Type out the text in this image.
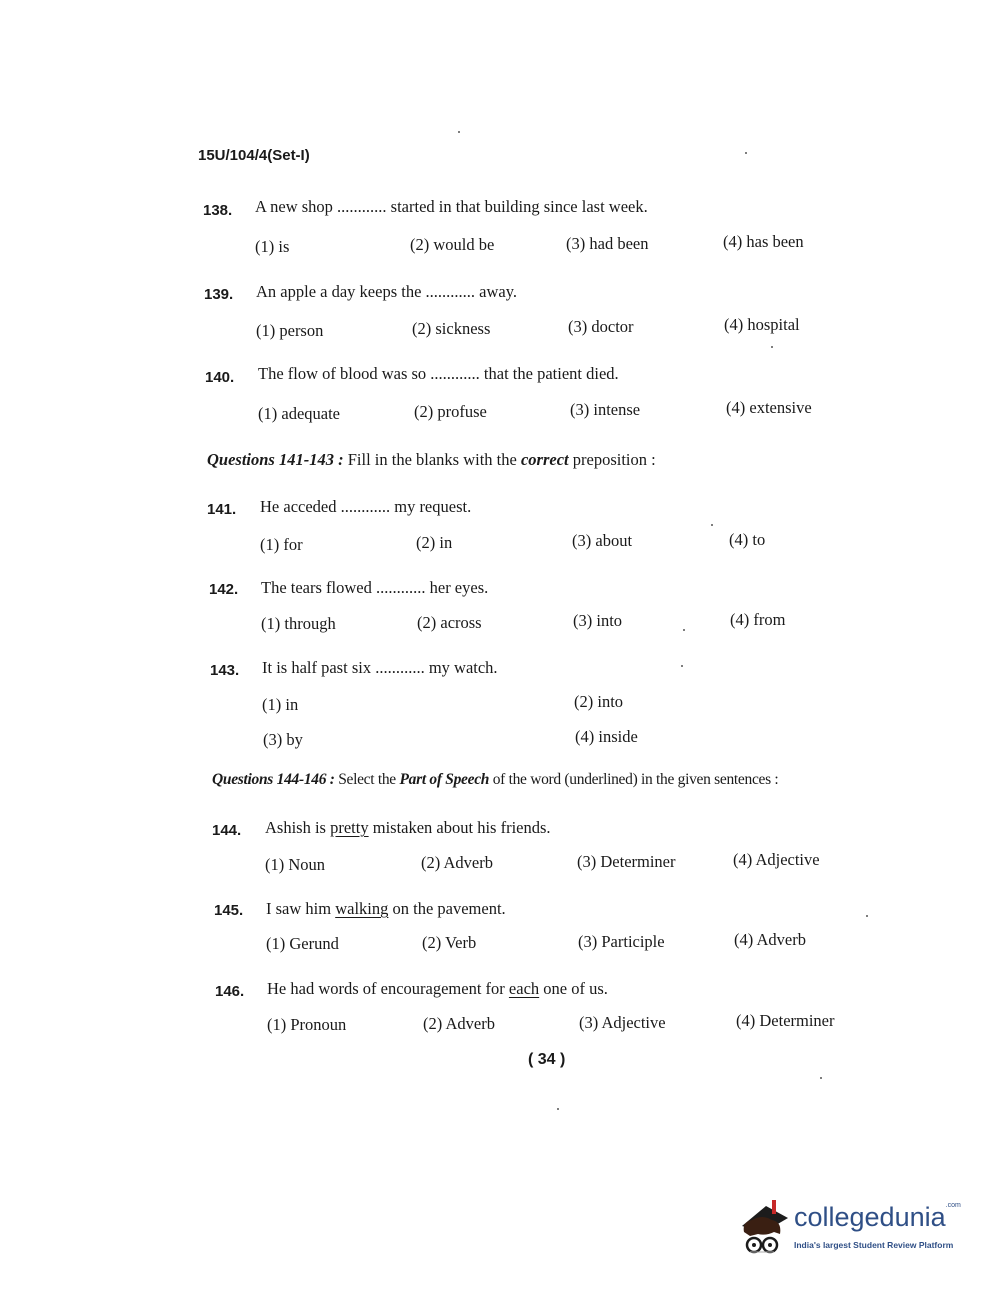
15U/104/4(Set-I)
138. A new shop ............ started in that building since last week.
(1) is	(2) would be	(3) had been	(4) has been
139. An apple a day keeps the ............ away.
(1) person	(2) sickness	(3) doctor	(4) hospital
140. The flow of blood was so ............ that the patient died.
(1) adequate	(2) profuse	(3) intense	(4) extensive
Questions 141-143 : Fill in the blanks with the correct preposition :
141. He acceded ............ my request.
(1) for	(2) in	(3) about	(4) to
142. The tears flowed ............ her eyes.
(1) through	(2) across	(3) into	(4) from
143. It is half past six ............ my watch.
(1) in	(2) into
(3) by	(4) inside
Questions 144-146 : Select the Part of Speech of the word (underlined) in the given sentences :
144. Ashish is pretty mistaken about his friends.
(1) Noun	(2) Adverb	(3) Determiner	(4) Adjective
145. I saw him walking on the pavement.
(1) Gerund	(2) Verb	(3) Participle	(4) Adverb
146. He had words of encouragement for each one of us.
(1) Pronoun	(2) Adverb	(3) Adjective	(4) Determiner
( 34 )
collegedunia$^{.com}$
India's largest Student Review Platform
